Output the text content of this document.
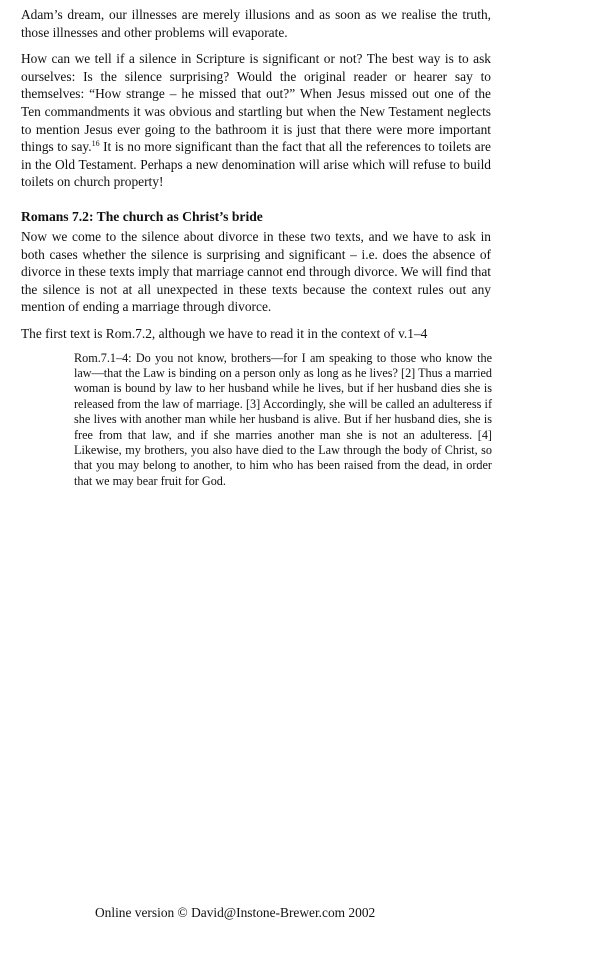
Adam’s dream, our illnesses are merely illusions and as soon as we realise the truth, those illnesses and other problems will evaporate.

How can we tell if a silence in Scripture is significant or not? The best way is to ask ourselves: Is the silence surprising? Would the original reader or hearer say to themselves: “How strange – he missed that out?” When Jesus missed out one of the Ten commandments it was obvious and startling but when the New Testament neglects to mention Jesus ever going to the bathroom it is just that there were more important things to say.$^{16}$ It is no more significant than the fact that all the references to toilets are in the Old Testament. Perhaps a new denomination will arise which will refuse to build toilets on church property!

Romans 7.2: The church as Christ’s bride

Now we come to the silence about divorce in these two texts, and we have to ask in both cases whether the silence is surprising and significant – i.e. does the absence of divorce in these texts imply that marriage cannot end through divorce. We will find that the silence is not at all unexpected in these texts because the context rules out any mention of ending a marriage through divorce.

The first text is Rom.7.2, although we have to read it in the context of v.1–4

Rom.7.1–4: Do you not know, brothers—for I am speaking to those who know the law—that the Law is binding on a person only as long as he lives? [2] Thus a married woman is bound by law to her husband while he lives, but if her husband dies she is released from the law of marriage. [3] Accordingly, she will be called an adulteress if she lives with another man while her husband is alive. But if her husband dies, she is free from that law, and if she marries another man she is not an adulteress. [4] Likewise, my brothers, you also have died to the Law through the body of Christ, so that you may belong to another, to him who has been raised from the dead, in order that we may bear fruit for God.
Online version © David@Instone-Brewer.com 2002
